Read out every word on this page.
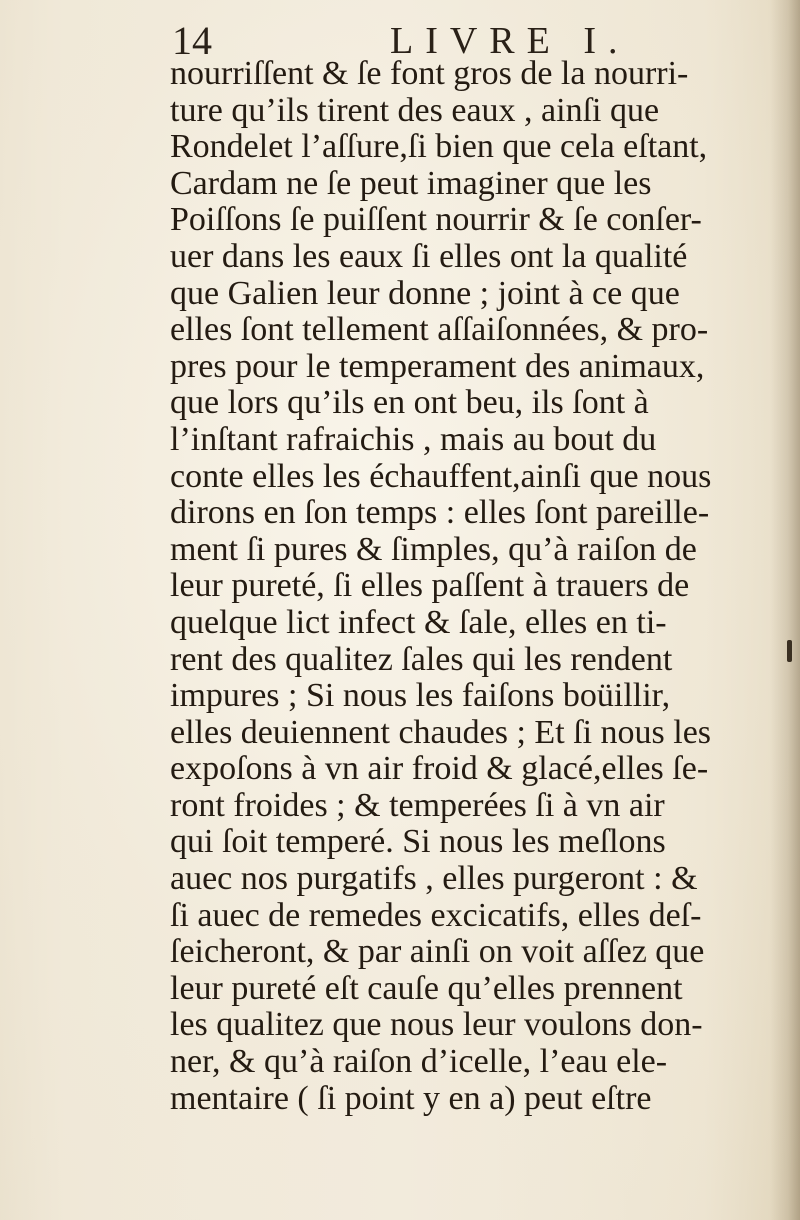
14	LIVRE I.
nourriſſent & ſe font gros de la nourri-
ture qu’ils tirent des eaux , ainſi que
Rondelet l’aſſure,ſi bien que cela eſtant,
Cardam ne ſe peut imaginer que les
Poiſſons ſe puiſſent nourrir & ſe conſer-
uer dans les eaux ſi elles ont la qualité
que Galien leur donne ; joint à ce que
elles ſont tellement aſſaiſonnées, & pro-
pres pour le temperament des animaux,
que lors qu’ils en ont beu, ils ſont à
l’inſtant rafraichis , mais au bout du
conte elles les échauffent,ainſi que nous
dirons en ſon temps : elles ſont pareille-
ment ſi pures & ſimples, qu’à raiſon de
leur pureté, ſi elles paſſent à trauers de
quelque lict infect & ſale, elles en ti-
rent des qualitez ſales qui les rendent
impures ; Si nous les faiſons boüillir,
elles deuiennent chaudes ; Et ſi nous les
expoſons à vn air froid & glacé,elles ſe-
ront froides ; & temperées ſi à vn air
qui ſoit temperé. Si nous les meſlons
auec nos purgatifs , elles purgeront : &
ſi auec de remedes excicatifs, elles deſ-
ſeicheront, & par ainſi on voit aſſez que
leur pureté eſt cauſe qu’elles prennent
les qualitez que nous leur voulons don-
ner, & qu’à raiſon d’icelle, l’eau ele-
mentaire ( ſi point y en a) peut eſtre
